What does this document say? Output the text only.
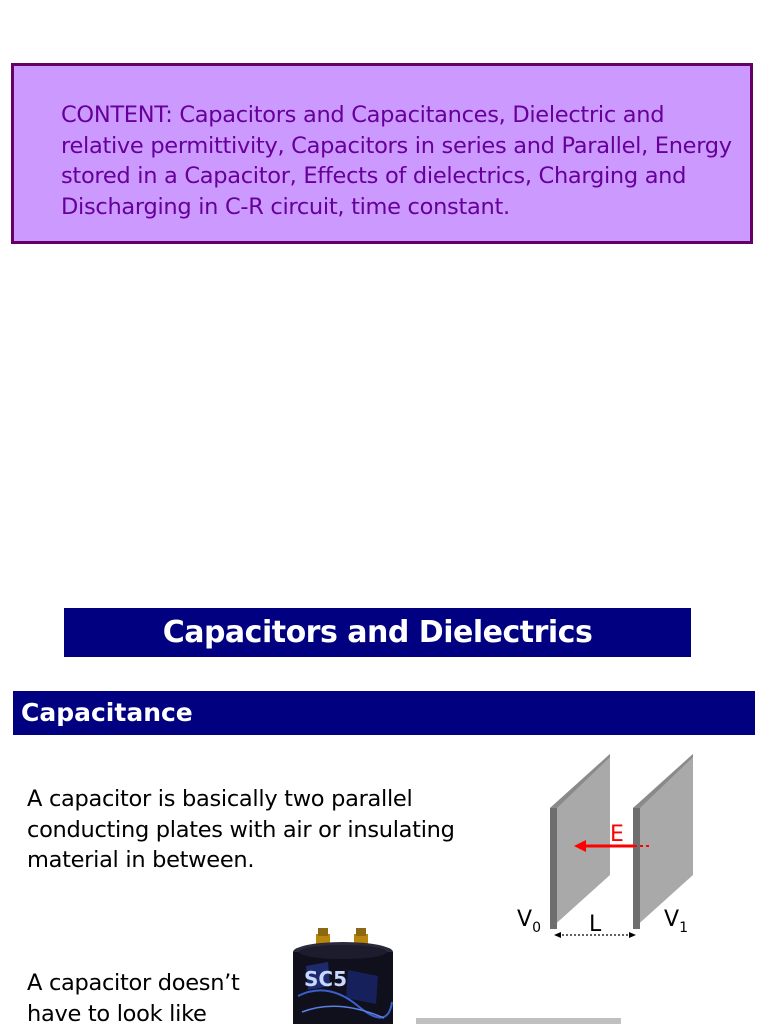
CONTENT: Capacitors and Capacitances, Dielectric and relative permittivity, Capacitors in series and Parallel, Energy stored in a Capacitor, Effects of dielectrics, Charging and Discharging in C-R circuit, time constant.
Capacitors and Dielectrics
Capacitance
A capacitor is basically two parallel conducting plates with air or insulating material in between.
A capacitor doesn’t have to look like
E
L
$V_0$	$V_1$
SC5
